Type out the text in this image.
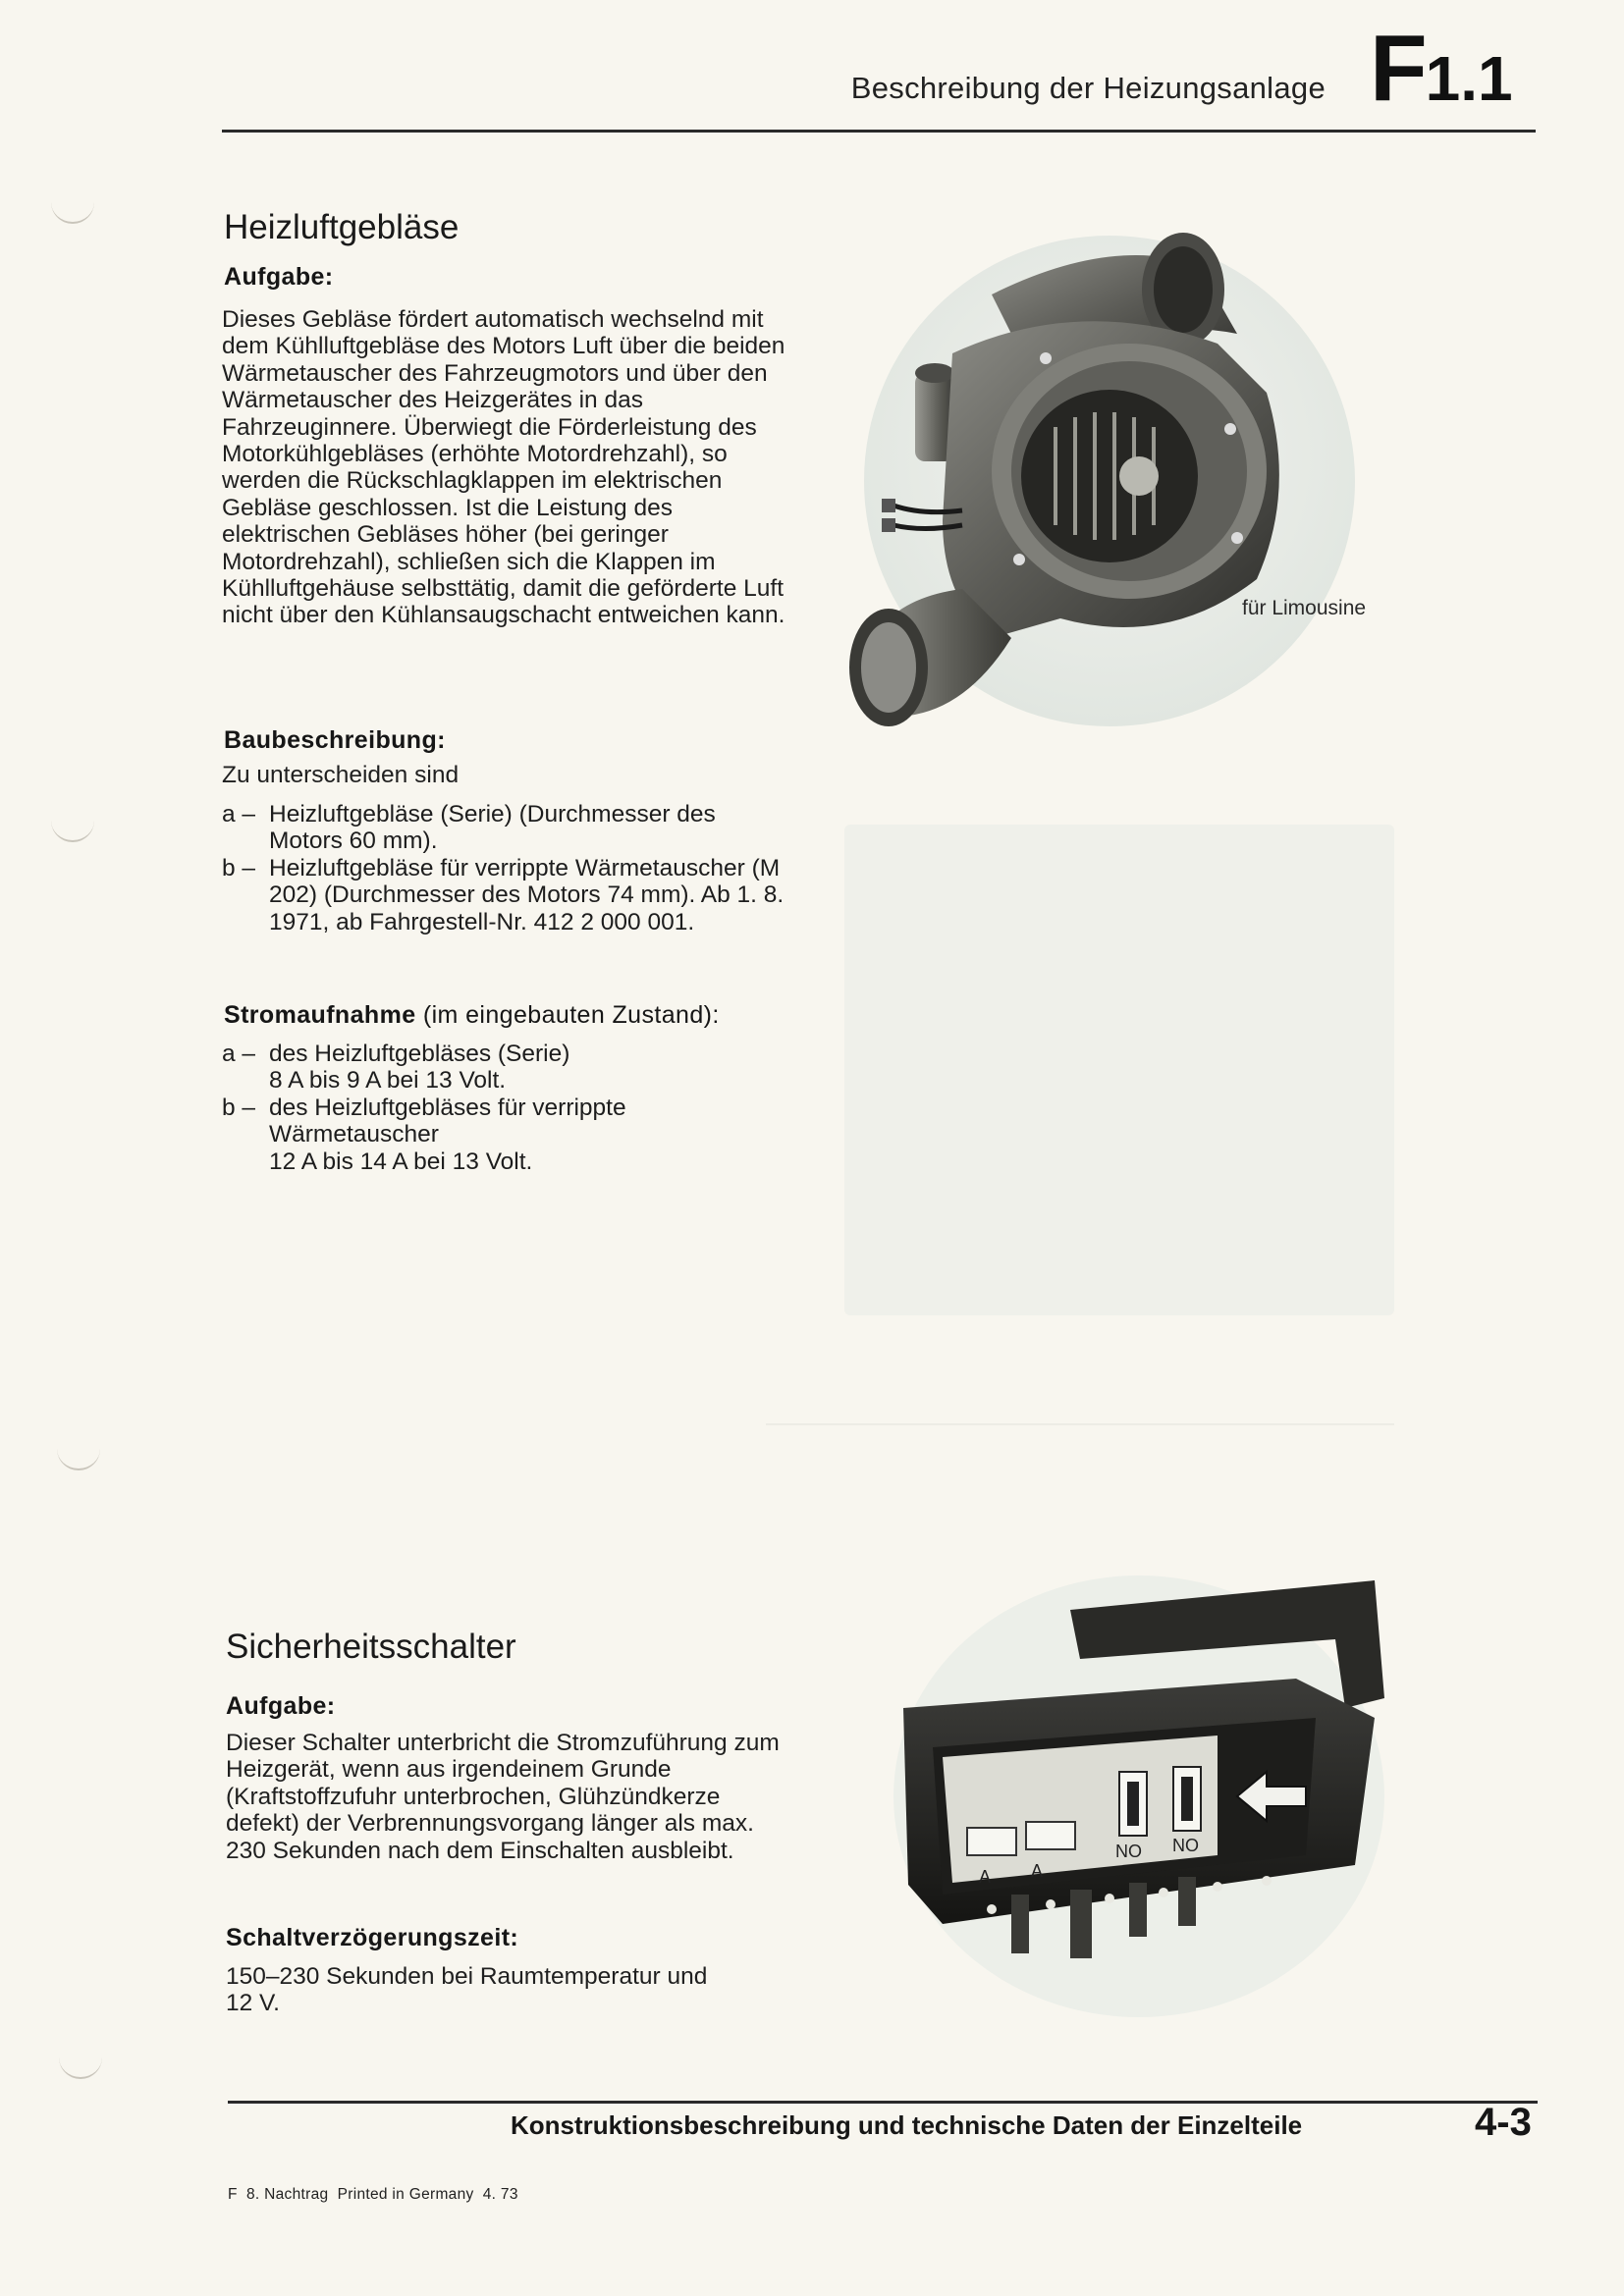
Beschreibung der Heizungsanlage F1.1
Heizluftgebläse
Aufgabe:

Dieses Gebläse fördert automatisch wechselnd mit dem Kühlluftgebläse des Motors Luft über die beiden Wärmetauscher des Fahrzeugmotors und über den Wärmetauscher des Heizgerätes in das Fahrzeuginnere. Überwiegt die Förderleistung des Motorkühlgebläses (erhöhte Motordrehzahl), so werden die Rückschlagklappen im elektrischen Gebläse geschlossen. Ist die Leistung des elektrischen Gebläses höher (bei geringer Motordrehzahl), schließen sich die Klappen im Kühlluftgehäuse selbsttätig, damit die geförderte Luft nicht über den Kühlansaugschacht entweichen kann.

Baubeschreibung:

Zu unterscheiden sind

a – Heizluftgebläse (Serie) (Durchmesser des Motors 60 mm).
b – Heizluftgebläse für verrippte Wärmetauscher (M 202) (Durchmesser des Motors 74 mm). Ab 1. 8. 1971, ab Fahrgestell-Nr. 412 2 000 001.
Stromaufnahme (im eingebauten Zustand):
a – des Heizluftgebläses (Serie)
8 A bis 9 A bei 13 Volt.
b – des Heizluftgebläses für verrippte Wärmetauscher
12 A bis 14 A bei 13 Volt.
für Limousine
Sicherheitsschalter
Aufgabe:

Dieser Schalter unterbricht die Stromzuführung zum Heizgerät, wenn aus irgendeinem Grunde (Kraftstoffzufuhr unterbrochen, Glühzündkerze defekt) der Verbrennungsvorgang länger als max. 230 Sekunden nach dem Einschalten ausbleibt.

Schaltverzögerungszeit:

150–230 Sekunden bei Raumtemperatur und 12 V.

A A
NO NO
Konstruktionsbeschreibung und technische Daten der Einzelteile	4-3
F  8. Nachtrag  Printed in Germany  4. 73
